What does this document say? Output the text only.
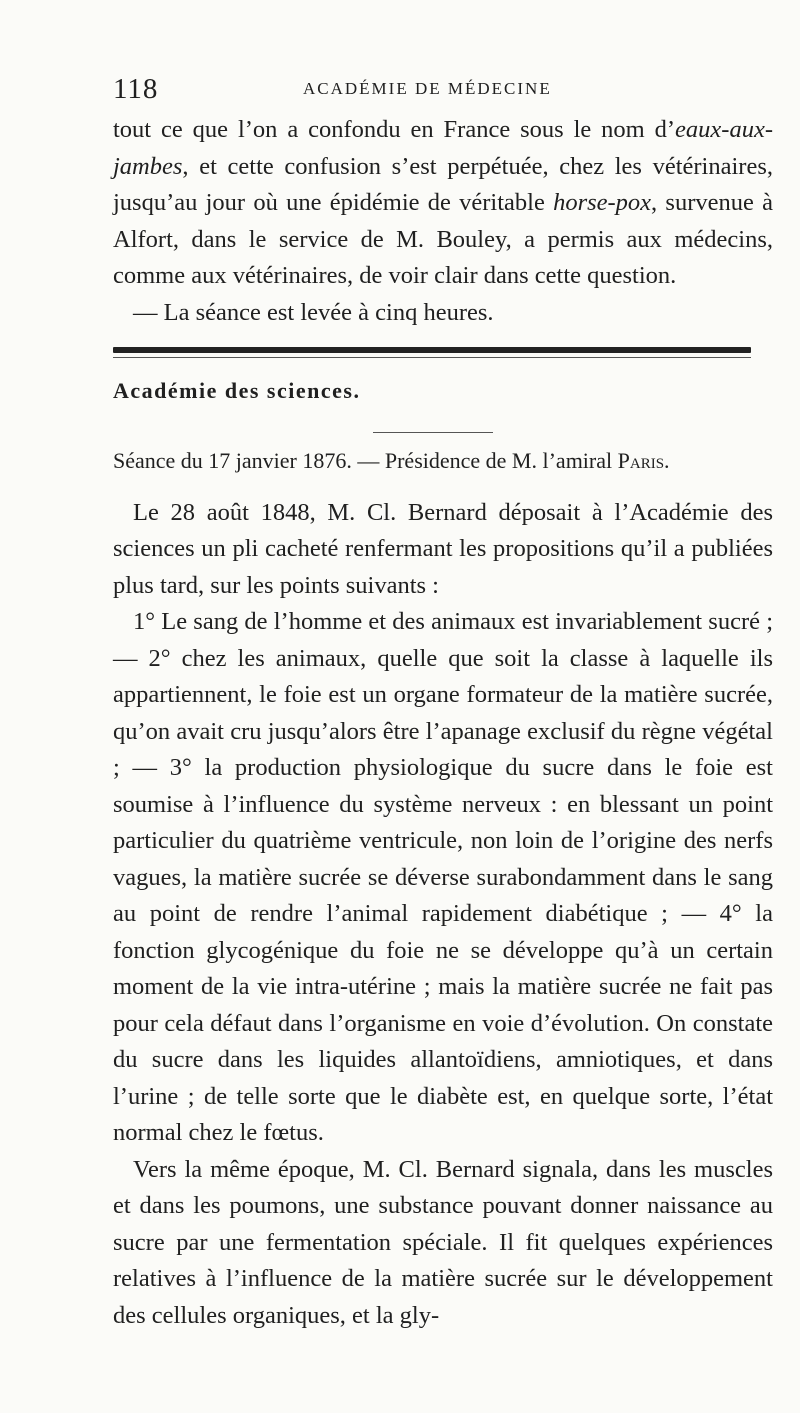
118	ACADÉMIE DE MÉDECINE

tout ce que l’on a confondu en France sous le nom d’eaux-aux-jambes, et cette confusion s’est perpétuée, chez les vétérinaires, jusqu’au jour où une épidémie de véritable horse-pox, survenue à Alfort, dans le service de M. Bouley, a permis aux médecins, comme aux vétérinaires, de voir clair dans cette question.

— La séance est levée à cinq heures.

Académie des sciences.

Séance du 17 janvier 1876. — Présidence de M. l’amiral Paris.

Le 28 août 1848, M. Cl. Bernard déposait à l’Académie des sciences un pli cacheté renfermant les propositions qu’il a publiées plus tard, sur les points suivants :

1° Le sang de l’homme et des animaux est invariablement sucré ; — 2° chez les animaux, quelle que soit la classe à laquelle ils appartiennent, le foie est un organe formateur de la matière sucrée, qu’on avait cru jusqu’alors être l’apanage exclusif du règne végétal ; — 3° la production physiologique du sucre dans le foie est soumise à l’influence du système nerveux : en blessant un point particulier du quatrième ventricule, non loin de l’origine des nerfs vagues, la matière sucrée se déverse surabondamment dans le sang au point de rendre l’animal rapidement diabétique ; — 4° la fonction glycogénique du foie ne se développe qu’à un certain moment de la vie intra-utérine ; mais la matière sucrée ne fait pas pour cela défaut dans l’organisme en voie d’évolution. On constate du sucre dans les liquides allantoïdiens, amniotiques, et dans l’urine ; de telle sorte que le diabète est, en quelque sorte, l’état normal chez le fœtus.

Vers la même époque, M. Cl. Bernard signala, dans les muscles et dans les poumons, une substance pouvant donner naissance au sucre par une fermentation spéciale. Il fit quelques expériences relatives à l’influence de la matière sucrée sur le développement des cellules organiques, et la gly-
